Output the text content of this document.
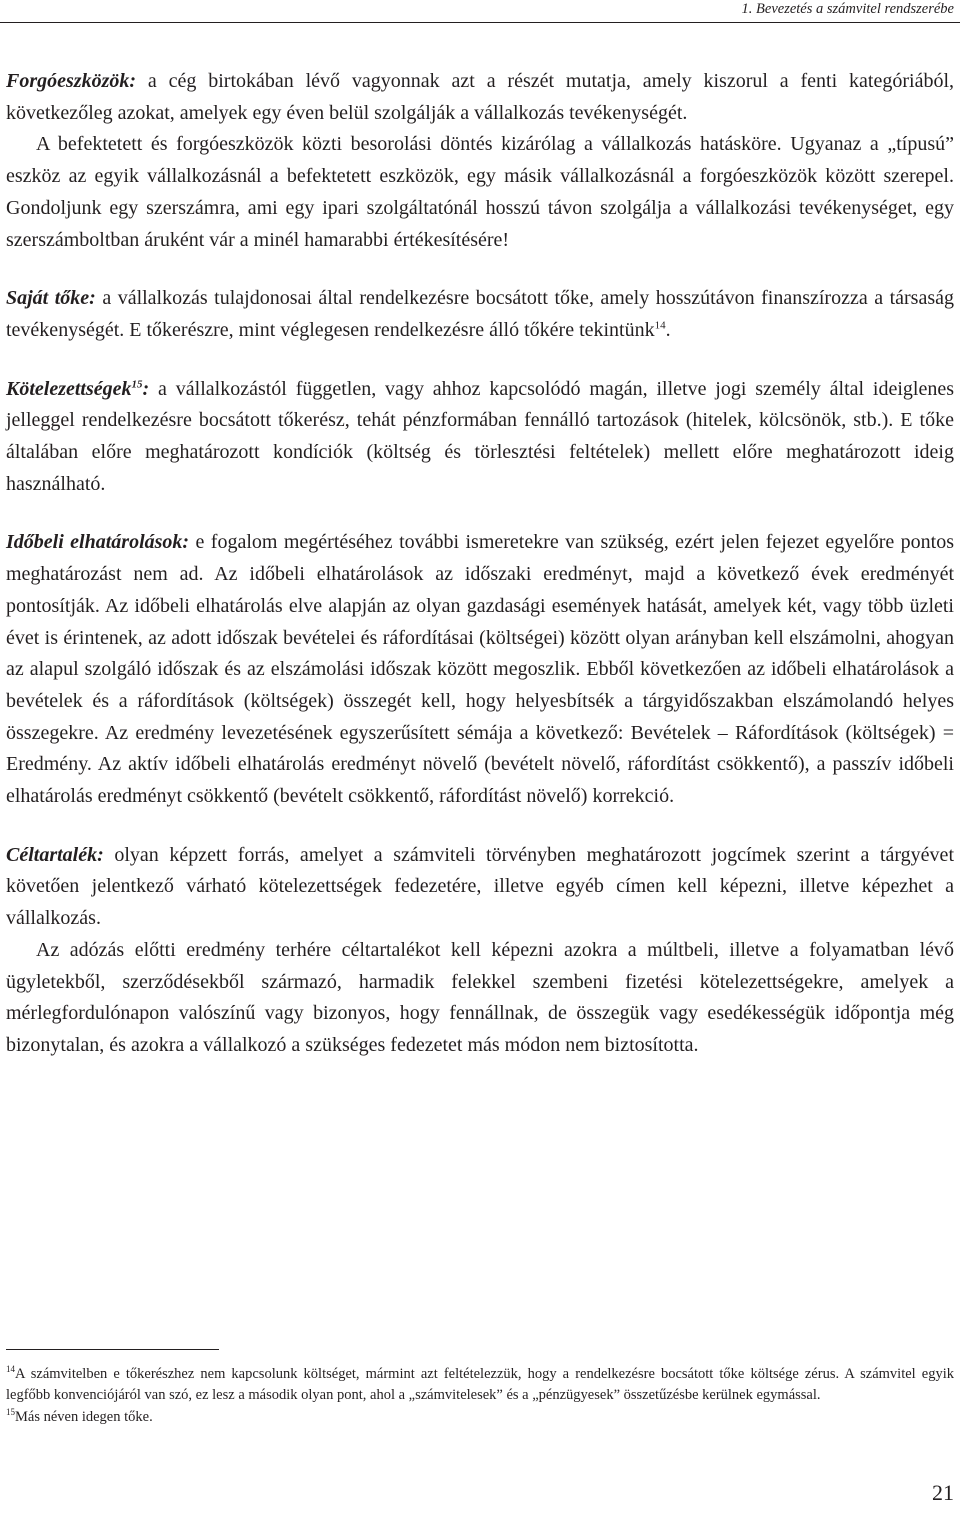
1. Bevezetés a számvitel rendszerébe

Forgóeszközök: a cég birtokában lévő vagyonnak azt a részét mutatja, amely kiszorul a fenti kategóriából, következőleg azokat, amelyek egy éven belül szolgálják a vállalkozás tevékenységét.

A befektetett és forgóeszközök közti besorolási döntés kizárólag a vállalkozás hatásköre. Ugyanaz a „típusú” eszköz az egyik vállalkozásnál a befektetett eszközök, egy másik vállalkozásnál a forgóeszközök között szerepel. Gondoljunk egy szerszámra, ami egy ipari szolgáltatónál hosszú távon szolgálja a vállalkozási tevékenységet, egy szerszámboltban áruként vár a minél hamarabbi értékesítésére!

Saját tőke: a vállalkozás tulajdonosai által rendelkezésre bocsátott tőke, amely hosszútávon finanszírozza a társaság tevékenységét. E tőkerészre, mint véglegesen rendelkezésre álló tőkére tekintünk$^{14}$.

Kötelezettségek$^{15}$: a vállalkozástól független, vagy ahhoz kapcsolódó magán, illetve jogi személy által ideiglenes jelleggel rendelkezésre bocsátott tőkerész, tehát pénzformában fennálló tartozások (hitelek, kölcsönök, stb.). E tőke általában előre meghatározott kondíciók (költség és törlesztési feltételek) mellett előre meghatározott ideig használható.

Időbeli elhatárolások: e fogalom megértéséhez további ismeretekre van szükség, ezért jelen fejezet egyelőre pontos meghatározást nem ad. Az időbeli elhatárolások az időszaki eredményt, majd a következő évek eredményét pontosítják. Az időbeli elhatárolás elve alapján az olyan gazdasági események hatását, amelyek két, vagy több üzleti évet is érintenek, az adott időszak bevételei és ráfordításai (költségei) között olyan arányban kell elszámolni, ahogyan az alapul szolgáló időszak és az elszámolási időszak között megoszlik. Ebből következően az időbeli elhatárolások a bevételek és a ráfordítások (költségek) összegét kell, hogy helyesbítsék a tárgyidőszakban elszámolandó helyes összegekre. Az eredmény levezetésének egyszerűsített sémája a következő: Bevételek – Ráfordítások (költségek) = Eredmény. Az aktív időbeli elhatárolás eredményt növelő (bevételt növelő, ráfordítást csökkentő), a passzív időbeli elhatárolás eredményt csökkentő (bevételt csökkentő, ráfordítást növelő) korrekció.

Céltartalék: olyan képzett forrás, amelyet a számviteli törvényben meghatározott jogcímek szerint a tárgyévet követően jelentkező várható kötelezettségek fedezetére, illetve egyéb címen kell képezni, illetve képezhet a vállalkozás.

Az adózás előtti eredmény terhére céltartalékot kell képezni azokra a múltbeli, illetve a folyamatban lévő ügyletekből, szerződésekből származó, harmadik felekkel szembeni fizetési kötelezettségekre, amelyek a mérlegfordulónapon valószínű vagy bizonyos, hogy fennállnak, de összegük vagy esedékességük időpontja még bizonytalan, és azokra a vállalkozó a szükséges fedezetet más módon nem biztosította.

$^{14}$A számvitelben e tőkerészhez nem kapcsolunk költséget, mármint azt feltételezzük, hogy a rendelkezésre bocsátott tőke költsége zérus. A számvitel egyik legfőbb konvenciójáról van szó, ez lesz a második olyan pont, ahol a „számvitelesek” és a „pénzügyesek” összetűzésbe kerülnek egymással.

$^{15}$Más néven idegen tőke.

21
